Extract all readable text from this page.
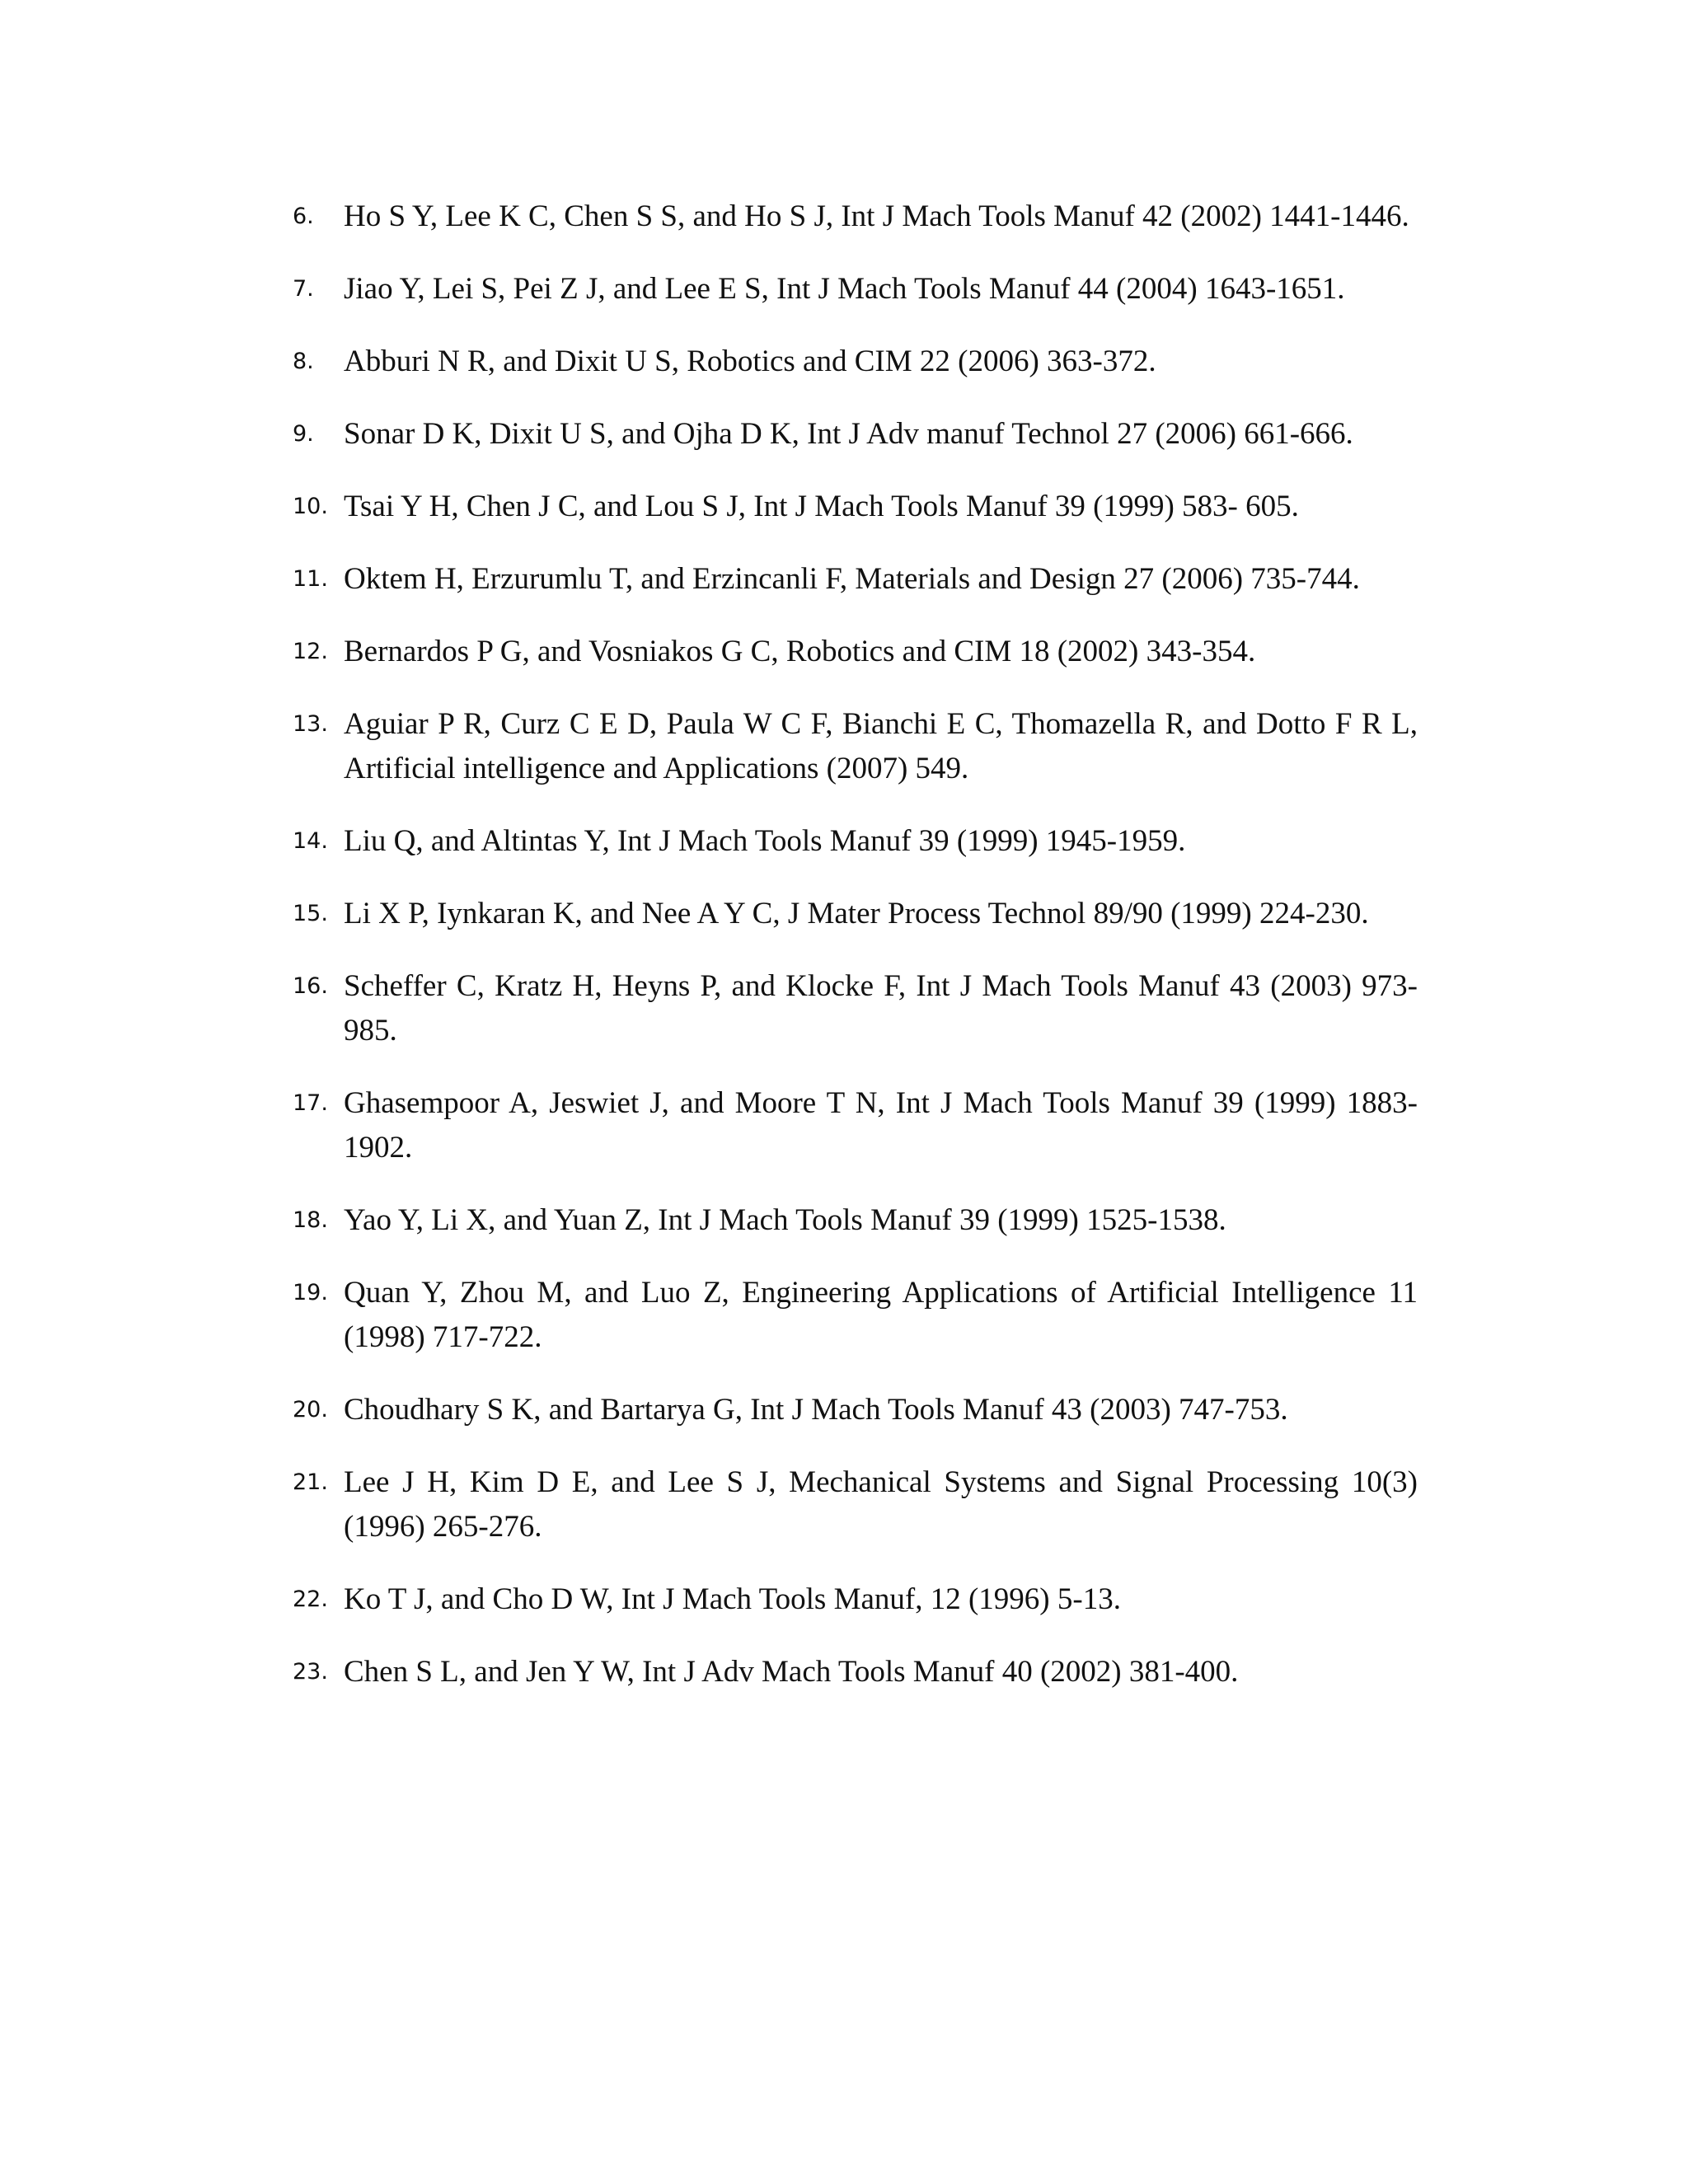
6. Ho S Y, Lee K C, Chen S S, and Ho S J, Int J Mach Tools Manuf 42 (2002) 1441-1446.
7. Jiao Y, Lei S, Pei Z J, and Lee E S, Int J Mach Tools Manuf 44 (2004) 1643-1651.
8. Abburi N R, and Dixit U S, Robotics and CIM 22 (2006) 363-372.
9. Sonar D K, Dixit U S, and Ojha D K, Int J Adv manuf Technol 27 (2006) 661-666.
10. Tsai Y H, Chen J C, and Lou S J, Int J Mach Tools Manuf 39 (1999) 583- 605.
11. Oktem H, Erzurumlu T, and Erzincanli F, Materials and Design 27 (2006) 735-744.
12. Bernardos P G, and Vosniakos G C, Robotics and CIM 18 (2002) 343-354.
13. Aguiar P R, Curz C E D, Paula W C F, Bianchi E C, Thomazella R, and Dotto F R L, Artificial intelligence and Applications (2007) 549.
14. Liu Q, and Altintas Y, Int J Mach Tools Manuf 39 (1999) 1945-1959.
15. Li X P, Iynkaran K, and Nee A Y C, J Mater Process Technol 89/90 (1999) 224-230.
16. Scheffer C, Kratz H, Heyns P, and Klocke F, Int J Mach Tools Manuf 43 (2003) 973-985.
17. Ghasempoor A, Jeswiet J, and Moore T N, Int J Mach Tools Manuf 39 (1999) 1883-1902.
18. Yao Y, Li X, and Yuan Z, Int J Mach Tools Manuf 39 (1999) 1525-1538.
19. Quan Y, Zhou M, and Luo Z, Engineering Applications of Artificial Intelligence 11 (1998) 717-722.
20. Choudhary S K, and Bartarya G, Int J Mach Tools Manuf 43 (2003) 747-753.
21. Lee J H, Kim D E, and Lee S J, Mechanical Systems and Signal Processing 10(3) (1996) 265-276.
22. Ko T J, and Cho D W, Int J Mach Tools Manuf, 12 (1996) 5-13.
23. Chen S L, and Jen Y W, Int J Adv Mach Tools Manuf 40 (2002) 381-400.
